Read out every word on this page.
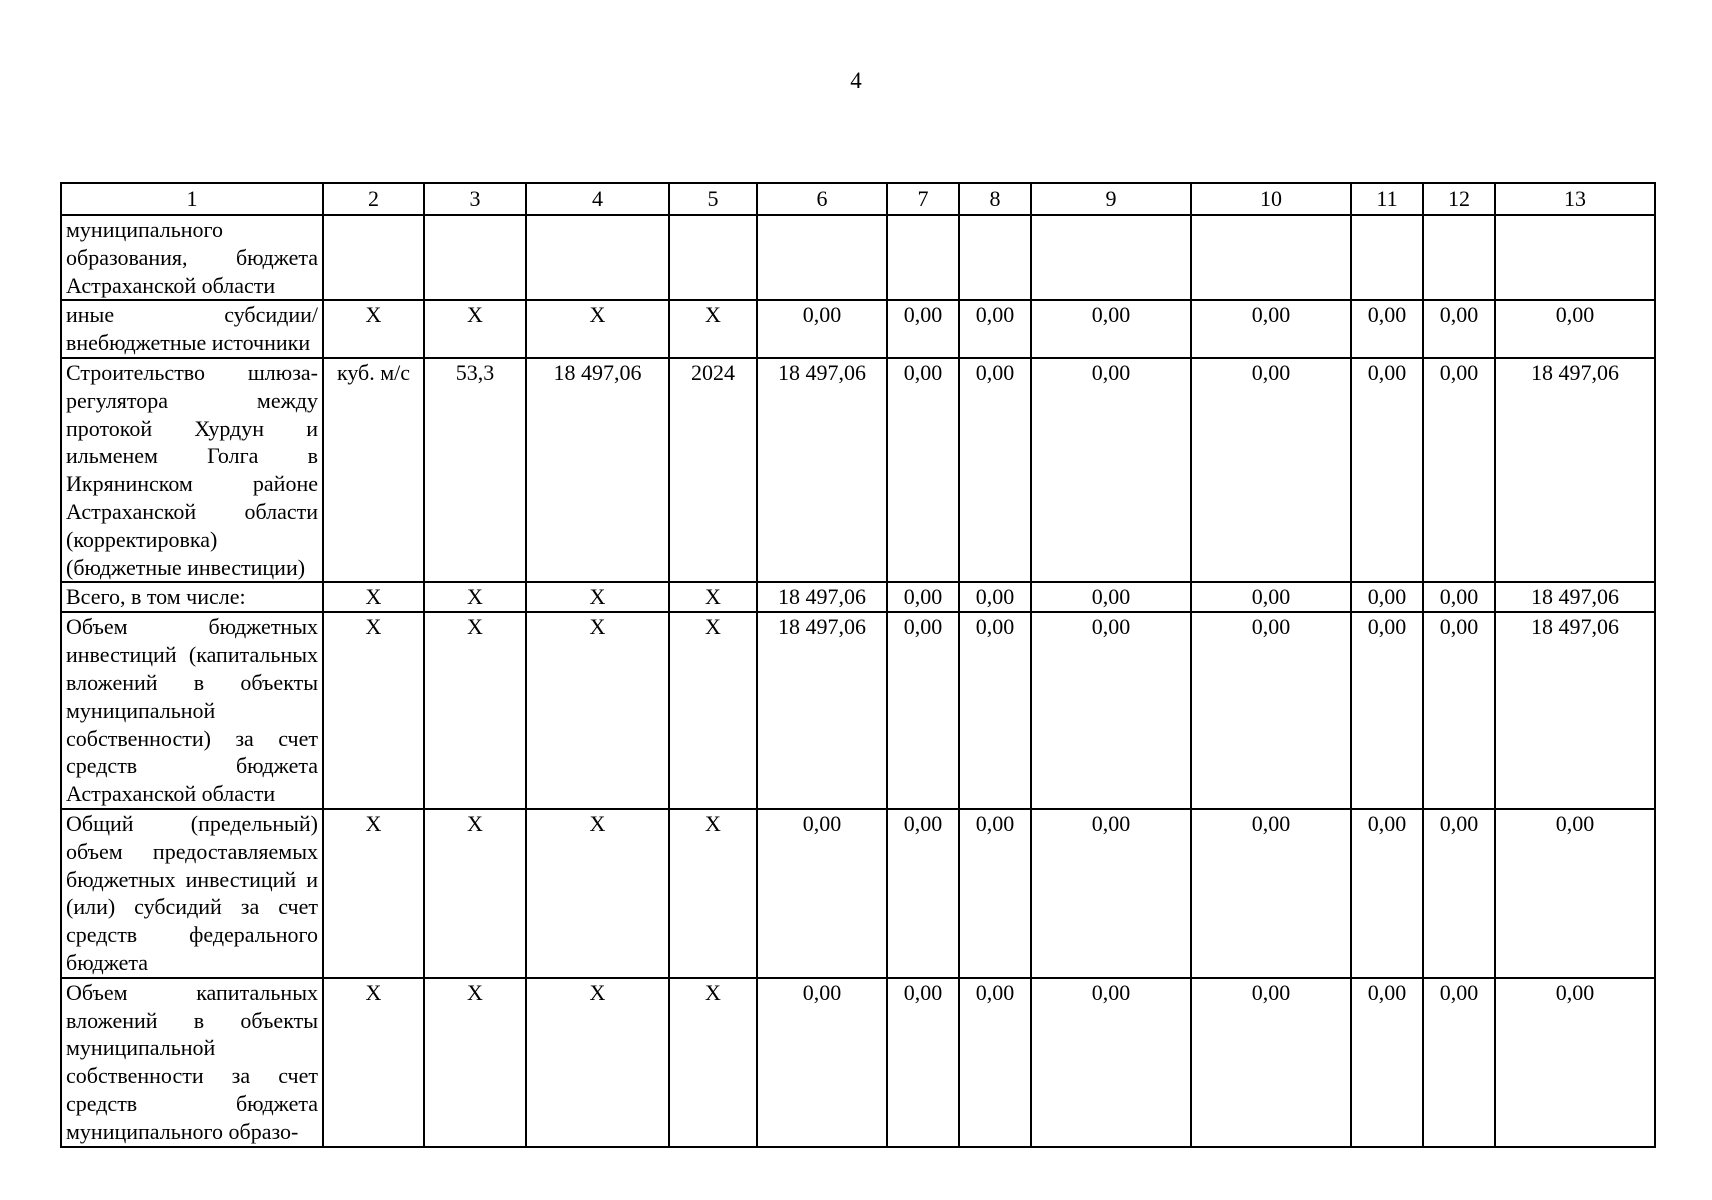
4
1	2	3	4	5	6	7	8	9	10	11	12	13
муниципального образования, бюджета Астраханской области												
иные субсидии/ внебюджетные источники	X	X	X	X	0,00	0,00	0,00	0,00	0,00	0,00	0,00	0,00
Строительство шлюза-регулятора между протокой Хурдун и ильменем Голга в Икрянинском районе Астраханской области (корректировка) (бюджетные инвестиции)	куб. м/с	53,3	18 497,06	2024	18 497,06	0,00	0,00	0,00	0,00	0,00	0,00	18 497,06
Всего, в том числе:	X	X	X	X	18 497,06	0,00	0,00	0,00	0,00	0,00	0,00	18 497,06
Объем бюджетных инвестиций (капитальных вложений в объекты муниципальной собственности) за счет средств бюджета Астраханской области	X	X	X	X	18 497,06	0,00	0,00	0,00	0,00	0,00	0,00	18 497,06
Общий (предельный) объем предоставляемых бюджетных инвестиций и (или) субсидий за счет средств федерального бюджета	X	X	X	X	0,00	0,00	0,00	0,00	0,00	0,00	0,00	0,00
Объем капитальных вложений в объекты муниципальной собственности за счет средств бюджета муниципального образо-	X	X	X	X	0,00	0,00	0,00	0,00	0,00	0,00	0,00	0,00
